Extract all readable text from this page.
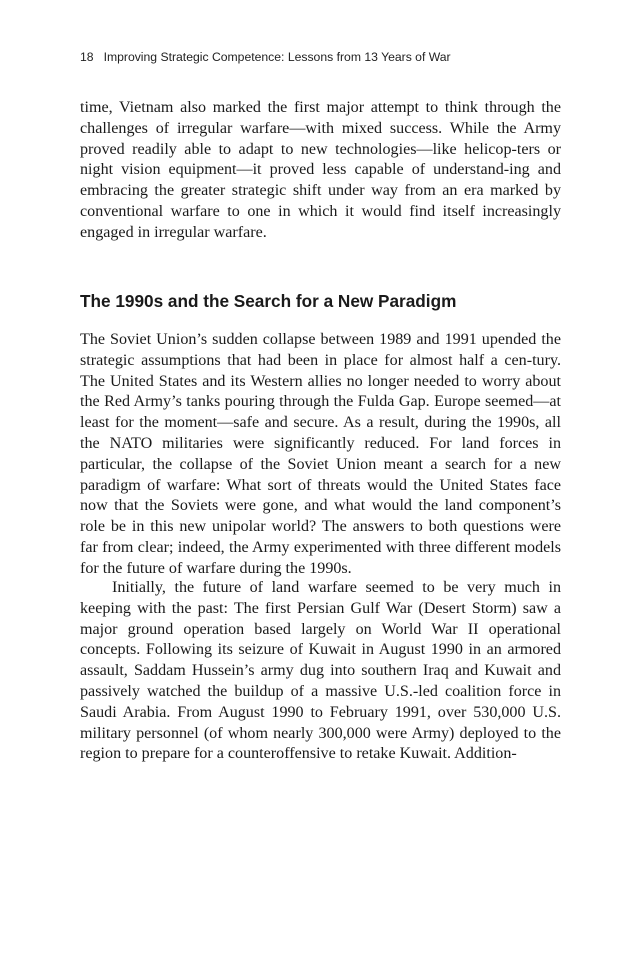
18 Improving Strategic Competence: Lessons from 13 Years of War

time, Vietnam also marked the first major attempt to think through the challenges of irregular warfare—with mixed success. While the Army proved readily able to adapt to new technologies—like helicop-ters or night vision equipment—it proved less capable of understand-ing and embracing the greater strategic shift under way from an era marked by conventional warfare to one in which it would find itself increasingly engaged in irregular warfare.

The 1990s and the Search for a New Paradigm

The Soviet Union’s sudden collapse between 1989 and 1991 upended the strategic assumptions that had been in place for almost half a cen-tury. The United States and its Western allies no longer needed to worry about the Red Army’s tanks pouring through the Fulda Gap. Europe seemed—at least for the moment—safe and secure. As a result, during the 1990s, all the NATO militaries were significantly reduced. For land forces in particular, the collapse of the Soviet Union meant a search for a new paradigm of warfare: What sort of threats would the United States face now that the Soviets were gone, and what would the land component’s role be in this new unipolar world? The answers to both questions were far from clear; indeed, the Army experimented with three different models for the future of warfare during the 1990s.

Initially, the future of land warfare seemed to be very much in keeping with the past: The first Persian Gulf War (Desert Storm) saw a major ground operation based largely on World War II operational concepts. Following its seizure of Kuwait in August 1990 in an armored assault, Saddam Hussein’s army dug into southern Iraq and Kuwait and passively watched the buildup of a massive U.S.-led coalition force in Saudi Arabia. From August 1990 to February 1991, over 530,000 U.S. military personnel (of whom nearly 300,000 were Army) deployed to the region to prepare for a counteroffensive to retake Kuwait. Addition-
